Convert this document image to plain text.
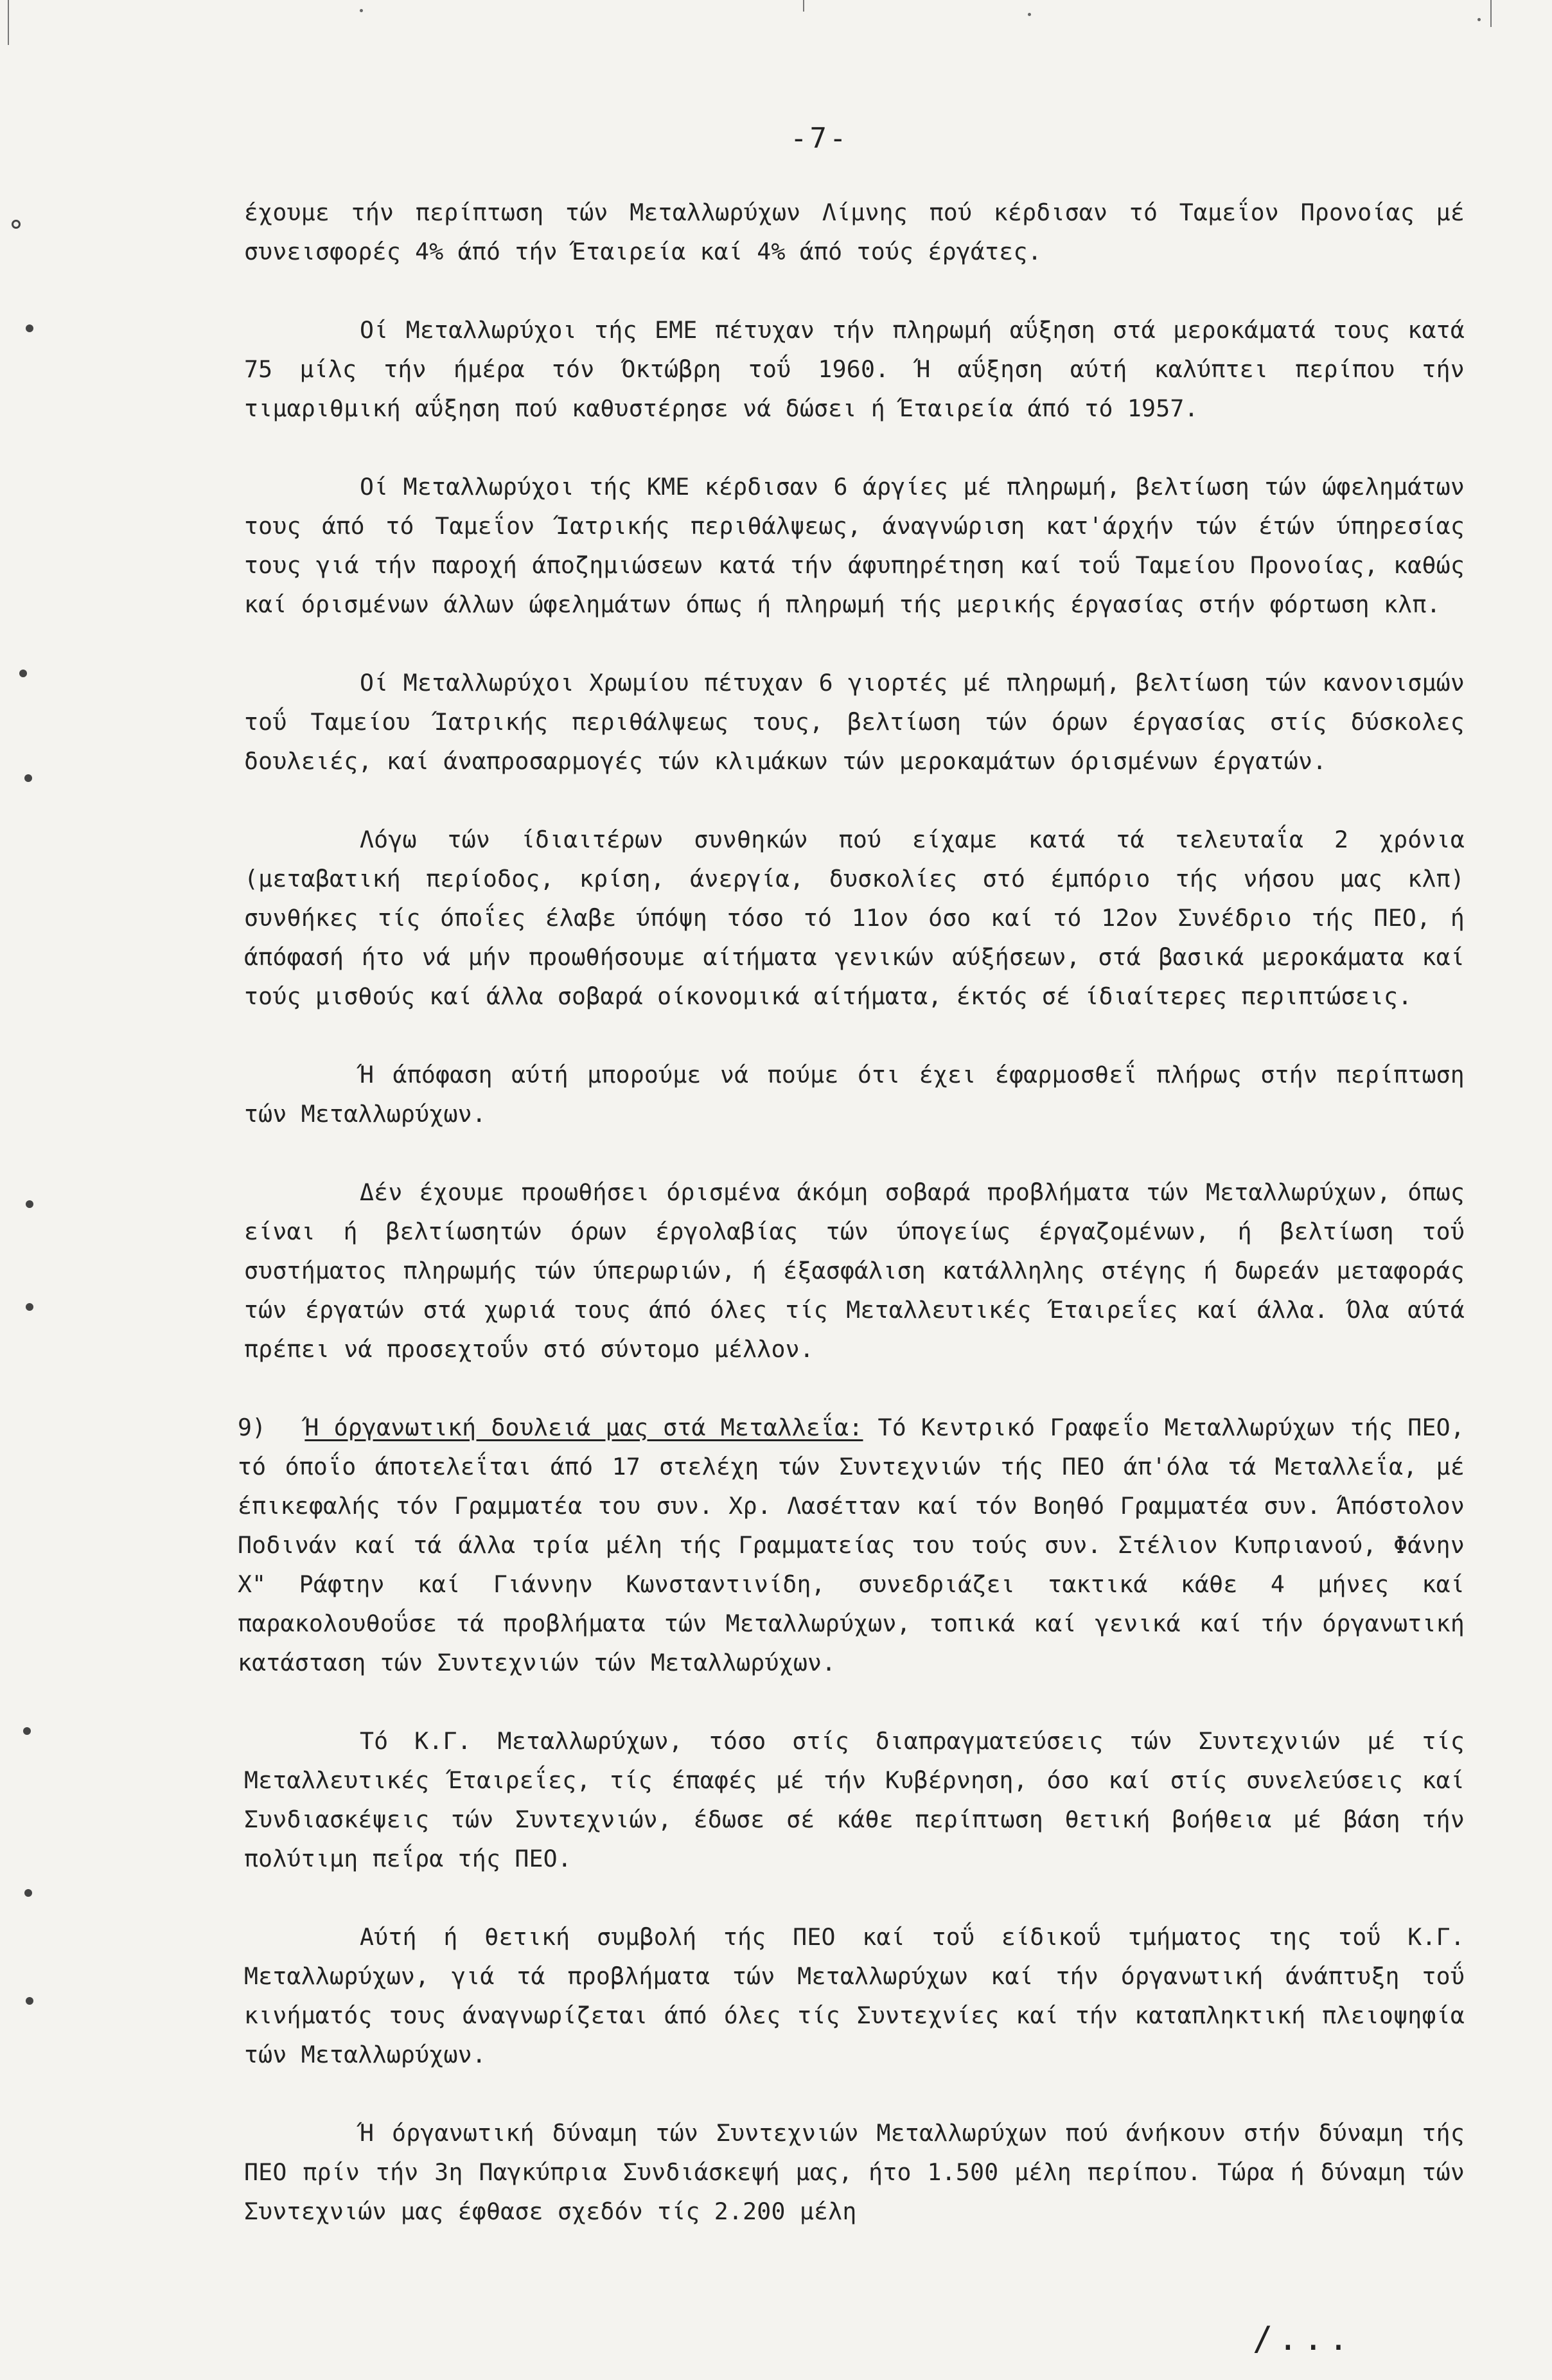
-7-

έχουμε τήν περίπτωση τών Μεταλλωρύχων Λίμνης πού κέρδισαν τό Ταμεΐον Προνοίας μέ συνεισφορές 4% άπό τήν Έταιρεία καί 4% άπό τούς έργάτες.

Οί Μεταλλωρύχοι τής ΕΜΕ πέτυχαν τήν πληρωμή αΰξηση στά μεροκάματά τους κατά 75 μίλς τήν ήμέρα τόν Όκτώβρη τοΰ 1960. Ή αΰξηση αύτή καλύπτει περίπου τήν τιμαριθμική αΰξηση πού καθυστέρησε νά δώσει ή Έταιρεία άπό τό 1957.

Οί Μεταλλωρύχοι τής ΚΜΕ κέρδισαν 6 άργίες μέ πληρωμή, βελτίωση τών ώφελημάτων τους άπό τό Ταμεΐον Ίατρικής περιθάλψεως, άναγνώριση κατ'άρχήν τών έτών ύπηρεσίας τους γιά τήν παροχή άποζημιώσεων κατά τήν άφυπηρέτηση καί τοΰ Ταμείου Προνοίας, καθώς καί όρισμένων άλλων ώφελημάτων όπως ή πληρωμή τής μερικής έργασίας στήν φόρτωση κλπ.

Οί Μεταλλωρύχοι Χρωμίου πέτυχαν 6 γιορτές μέ πληρωμή, βελτίωση τών κανονισμών τοΰ Ταμείου Ίατρικής περιθάλψεως τους, βελτίωση τών όρων έργασίας στίς δύσκολες δουλειές, καί άναπροσαρμογές τών κλιμάκων τών μεροκαμάτων όρισμένων έργατών.

Λόγω τών ίδιαιτέρων συνθηκών πού είχαμε κατά τά τελευταΐα 2 χρόνια (μεταβατική περίοδος, κρίση, άνεργία, δυσκολίες στό έμπόριο τής νήσου μας κλπ) συνθήκες τίς όποΐες έλαβε ύπόψη τόσο τό 11ον όσο καί τό 12ον Συνέδριο τής ΠΕΟ, ή άπόφασή ήτο νά μήν προωθήσουμε αίτήματα γενικών αύξήσεων, στά βασικά μεροκάματα καί τούς μισθούς καί άλλα σοβαρά οίκονομικά αίτήματα, έκτός σέ ίδιαίτερες περιπτώσεις.

Ή άπόφαση αύτή μπορούμε νά πούμε ότι έχει έφαρμοσθεΐ πλήρως στήν περίπτωση τών Μεταλλωρύχων.

Δέν έχουμε προωθήσει όρισμένα άκόμη σοβαρά προβλήματα τών Μεταλλωρύχων, όπως είναι ή βελτίωσητών όρων έργολαβίας τών ύπογείως έργαζομένων, ή βελτίωση τοΰ συστήματος πληρωμής τών ύπερωριών, ή έξασφάλιση κατάλληλης στέγης ή δωρεάν μεταφοράς τών έργατών στά χωριά τους άπό όλες τίς Μεταλλευτικές Έταιρεΐες καί άλλα. Όλα αύτά πρέπει νά προσεχτοΰν στό σύντομο μέλλον.

9) Ή όργανωτική δουλειά μας στά Μεταλλεΐα: Τό Κεντρικό Γραφεΐο Μεταλλωρύχων τής ΠΕΟ, τό όποΐο άποτελεΐται άπό 17 στελέχη τών Συντεχνιών τής ΠΕΟ άπ'όλα τά Μεταλλεΐα, μέ έπικεφαλής τόν Γραμματέα του συν. Χρ. Λασέτταν καί τόν Βοηθό Γραμματέα συν. Άπόστολον Ποδινάν καί τά άλλα τρία μέλη τής Γραμματείας του τούς συν. Στέλιον Κυπριανού, Φάνην Χ" Ράφτην καί Γιάννην Κωνσταντινίδη, συνεδριάζει τακτικά κάθε 4 μήνες καί παρακολουθοΰσε τά προβλήματα τών Μεταλλωρύχων, τοπικά καί γενικά καί τήν όργανωτική κατάσταση τών Συντεχνιών τών Μεταλλωρύχων.

Τό Κ.Γ. Μεταλλωρύχων, τόσο στίς διαπραγματεύσεις τών Συντεχνιών μέ τίς Μεταλλευτικές Έταιρεΐες, τίς έπαφές μέ τήν Κυβέρνηση, όσο καί στίς συνελεύσεις καί Συνδιασκέψεις τών Συντεχνιών, έδωσε σέ κάθε περίπτωση θετική βοήθεια μέ βάση τήν πολύτιμη πεΐρα τής ΠΕΟ.

Αύτή ή θετική συμβολή τής ΠΕΟ καί τοΰ είδικοΰ τμήματος της τοΰ Κ.Γ. Μεταλλωρύχων, γιά τά προβλήματα τών Μεταλλωρύχων καί τήν όργανωτική άνάπτυξη τοΰ κινήματός τους άναγνωρίζεται άπό όλες τίς Συντεχνίες καί τήν καταπληκτική πλειοψηφία τών Μεταλλωρύχων.

Ή όργανωτική δύναμη τών Συντεχνιών Μεταλλωρύχων πού άνήκουν στήν δύναμη τής ΠΕΟ πρίν τήν 3η Παγκύπρια Συνδιάσκεψή μας, ήτο 1.500 μέλη περίπου. Τώρα ή δύναμη τών Συντεχνιών μας έφθασε σχεδόν τίς 2.200 μέλη

/...
